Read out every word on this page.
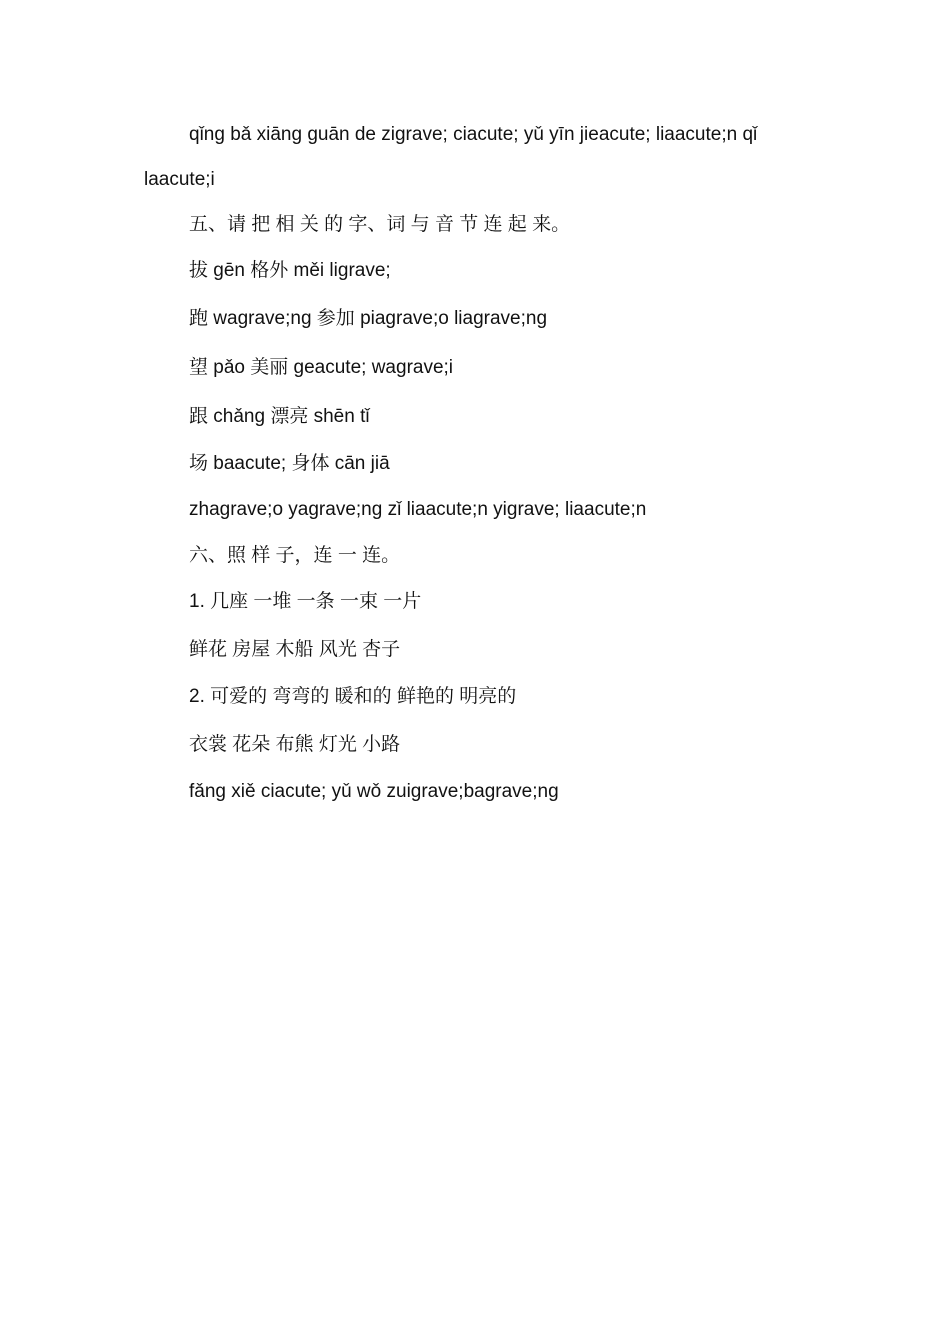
qǐng bǎ xiāng guān de zigrave; ciacute; yǔ yīn jieacute; liaacute;n qǐ laacute;i

五、请 把 相 关 的 字、词 与 音 节 连 起 来。

拔 gēn 格外 měi ligrave;

跑 wagrave;ng 参加 piagrave;o liagrave;ng

望 pǎo 美丽 geacute; wagrave;i

跟 chǎng 漂亮 shēn tǐ

场 baacute; 身体 cān jiā

zhagrave;o yagrave;ng zǐ liaacute;n yigrave; liaacute;n

六、照 样 子，连 一 连。

1. 几座 一堆 一条 一束 一片

鲜花 房屋 木船 风光 杏子

2. 可爱的 弯弯的 暖和的 鲜艳的 明亮的

衣裳 花朵 布熊 灯光 小路

fǎng xiě ciacute; yǔ wǒ zuigrave;bagrave;ng
